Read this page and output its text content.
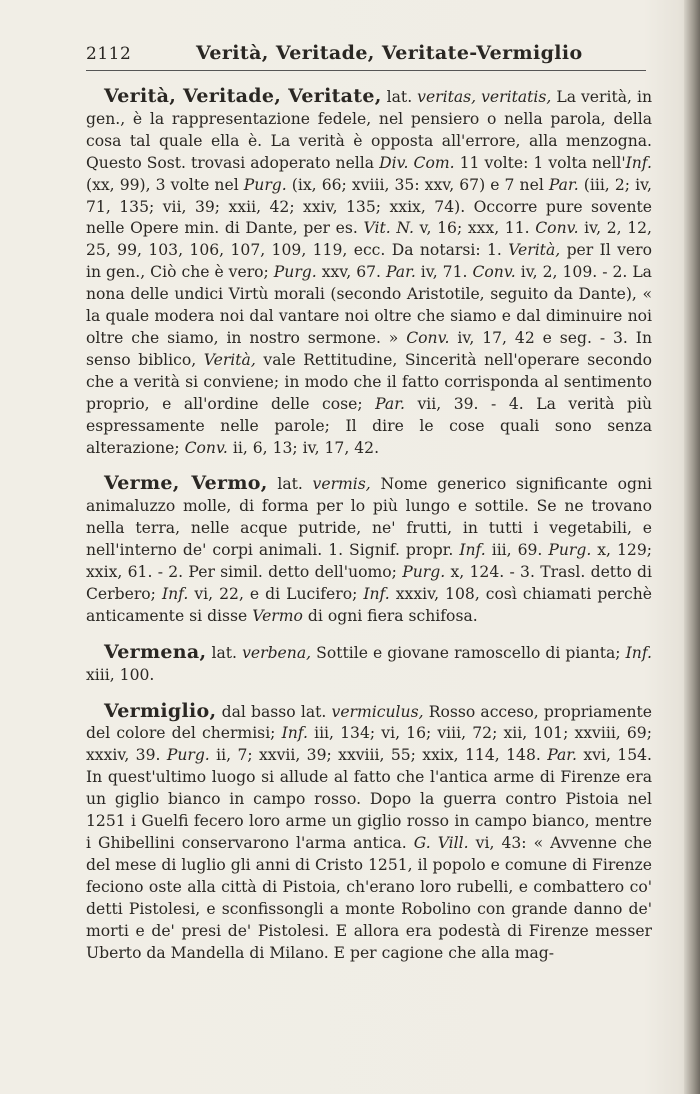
2112	Verità, Veritade, Veritate-Vermiglio

Verità, Veritade, Veritate, lat. veritas, veritatis, La verità, in gen., è la rappresentazione fedele, nel pensiero o nella parola, della cosa tal quale ella è. La verità è opposta all'errore, alla menzogna. Questo Sost. trovasi adoperato nella Div. Com. 11 volte: 1 volta nell'Inf. (xx, 99), 3 volte nel Purg. (ix, 66; xviii, 35: xxv, 67) e 7 nel Par. (iii, 2; iv, 71, 135; vii, 39; xxii, 42; xxiv, 135; xxix, 74). Occorre pure sovente nelle Opere min. di Dante, per es. Vit. N. v, 16; xxx, 11. Conv. iv, 2, 12, 25, 99, 103, 106, 107, 109, 119, ecc. Da notarsi: 1. Verità, per Il vero in gen., Ciò che è vero; Purg. xxv, 67. Par. iv, 71. Conv. iv, 2, 109. - 2. La nona delle undici Virtù morali (secondo Aristotile, seguito da Dante), « la quale modera noi dal vantare noi oltre che siamo e dal diminuire noi oltre che siamo, in nostro sermone. » Conv. iv, 17, 42 e seg. - 3. In senso biblico, Verità, vale Rettitudine, Sincerità nell'operare secondo che a verità si conviene; in modo che il fatto corrisponda al sentimento proprio, e all'ordine delle cose; Par. vii, 39. - 4. La verità più espressamente nelle parole; Il dire le cose quali sono senza alterazione; Conv. ii, 6, 13; iv, 17, 42.

Verme, Vermo, lat. vermis, Nome generico significante ogni animaluzzo molle, di forma per lo più lungo e sottile. Se ne trovano nella terra, nelle acque putride, ne' frutti, in tutti i vegetabili, e nell'interno de' corpi animali. 1. Signif. propr. Inf. iii, 69. Purg. x, 129; xxix, 61. - 2. Per simil. detto dell'uomo; Purg. x, 124. - 3. Trasl. detto di Cerbero; Inf. vi, 22, e di Lucifero; Inf. xxxiv, 108, così chiamati perchè anticamente si disse Vermo di ogni fiera schifosa.

Vermena, lat. verbena, Sottile e giovane ramoscello di pianta; Inf. xiii, 100.

Vermiglio, dal basso lat. vermiculus, Rosso acceso, propriamente del colore del chermisi; Inf. iii, 134; vi, 16; viii, 72; xii, 101; xxviii, 69; xxxiv, 39. Purg. ii, 7; xxvii, 39; xxviii, 55; xxix, 114, 148. Par. xvi, 154. In quest'ultimo luogo si allude al fatto che l'antica arme di Firenze era un giglio bianco in campo rosso. Dopo la guerra contro Pistoia nel 1251 i Guelfi fecero loro arme un giglio rosso in campo bianco, mentre i Ghibellini conservarono l'arma antica. G. Vill. vi, 43: « Avvenne che del mese di luglio gli anni di Cristo 1251, il popolo e comune di Firenze feciono oste alla città di Pistoia, ch'erano loro rubelli, e combattero co' detti Pistolesi, e sconfissongli a monte Robolino con grande danno de' morti e de' presi de' Pistolesi. E allora era podestà di Firenze messer Uberto da Mandella di Milano. E per cagione che alla mag-
